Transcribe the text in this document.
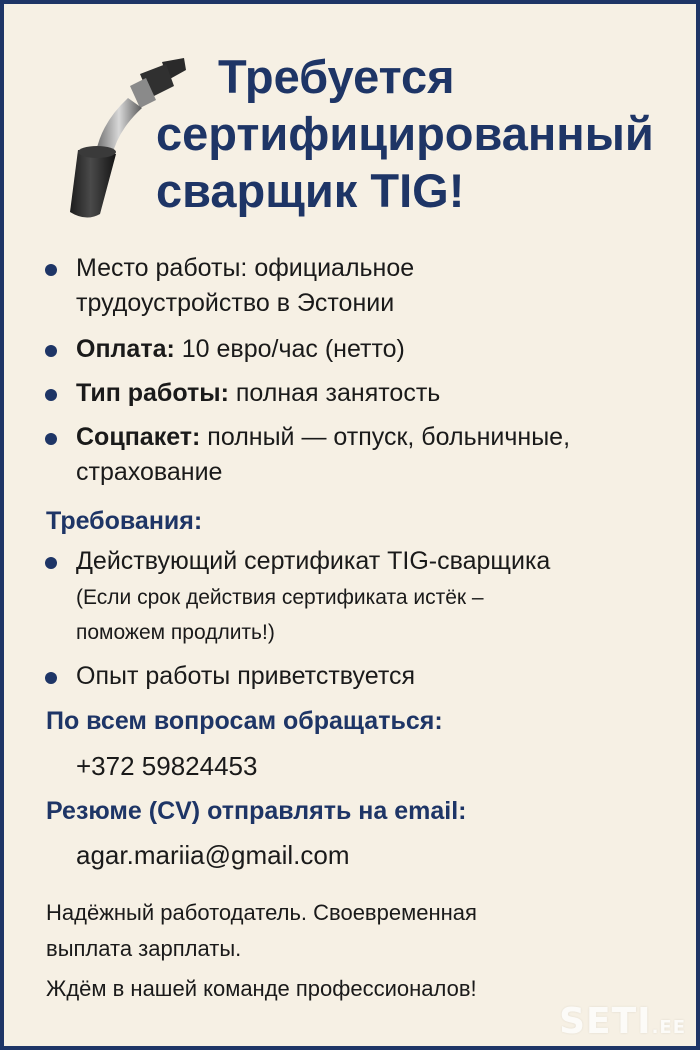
Требуется
сертифицированный
сварщик TIG!
Место работы: официальное
трудоустройство в Эстонии
Оплата: 10 евро/час (нетто)
Тип работы: полная занятость
Соцпакет: полный — отпуск, больничные,
страхование
Требования:
Действующий сертификат TIG-сварщика
(Если срок действия сертификата истёк –
поможем продлить!)
Опыт работы приветствуется
По всем вопросам обращаться:
+372 59824453
Резюме (CV) отправлять на email:
agar.mariia@gmail.com
Надёжный работодатель. Своевременная
выплата зарплаты.
Ждём в нашей команде профессионалов!
SETI.EE
